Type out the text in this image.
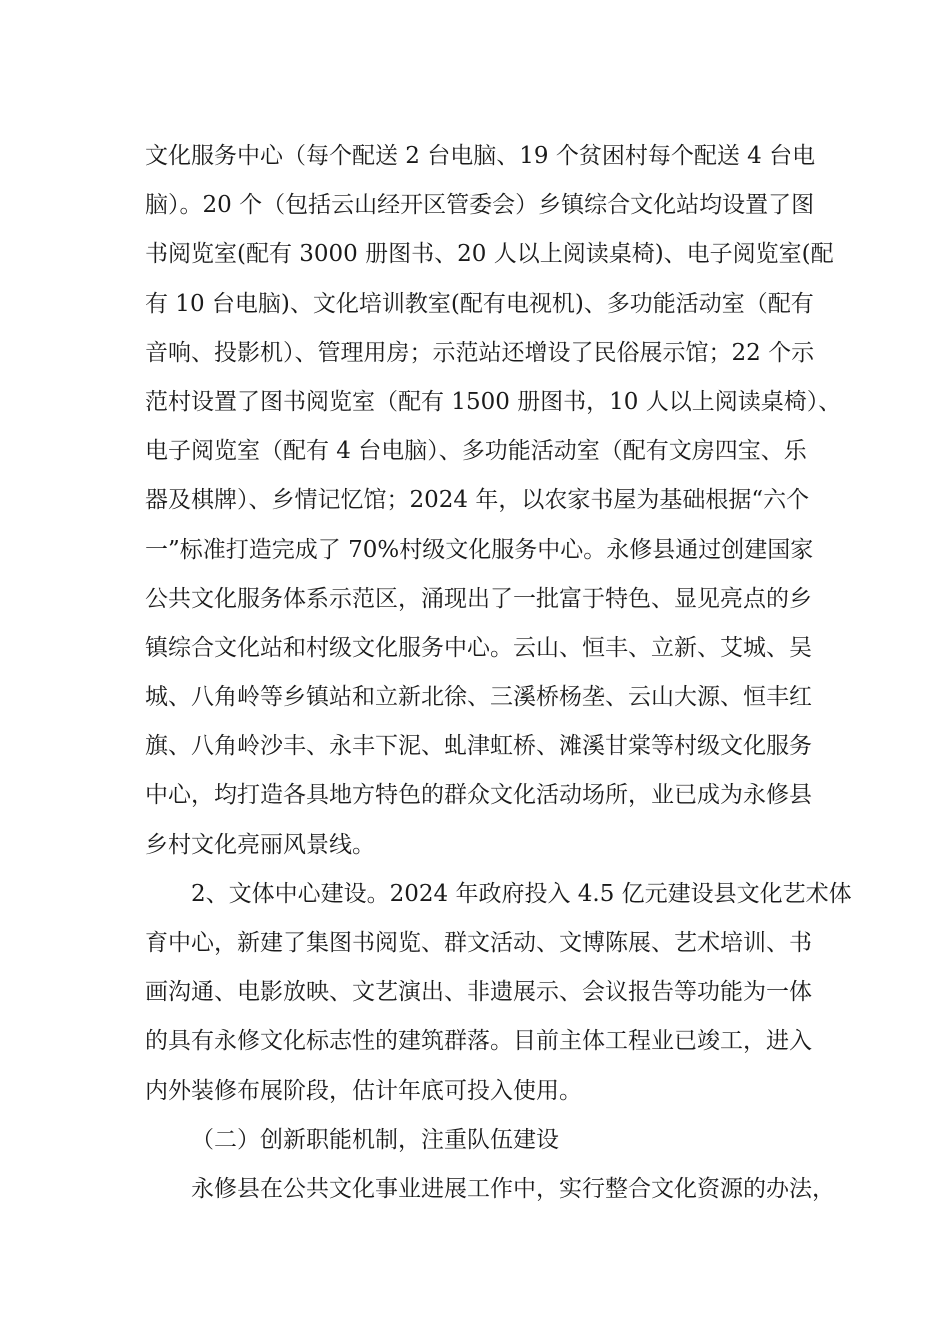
文化服务中心（每个配送 2 台电脑、19 个贫困村每个配送 4 台电
脑）。20 个（包括云山经开区管委会）乡镇综合文化站均设置了图
书阅览室(配有 3000 册图书、20 人以上阅读桌椅)、电子阅览室(配
有 10 台电脑)、文化培训教室(配有电视机)、多功能活动室（配有
音响、投影机）、管理用房；示范站还增设了民俗展示馆；22 个示
范村设置了图书阅览室（配有 1500 册图书，10 人以上阅读桌椅）、
电子阅览室（配有 4 台电脑）、多功能活动室（配有文房四宝、乐
器及棋牌）、乡情记忆馆；2024 年，以农家书屋为基础根据“六个
一”标准打造完成了 70%村级文化服务中心。永修县通过创建国家
公共文化服务体系示范区，涌现出了一批富于特色、显见亮点的乡
镇综合文化站和村级文化服务中心。云山、恒丰、立新、艾城、吴
城、八角岭等乡镇站和立新北徐、三溪桥杨垄、云山大源、恒丰红
旗、八角岭沙丰、永丰下泥、虬津虹桥、滩溪甘棠等村级文化服务
中心，均打造各具地方特色的群众文化活动场所，业已成为永修县
乡村文化亮丽风景线。
2、文体中心建设。2024 年政府投入 4.5 亿元建设县文化艺术体
育中心，新建了集图书阅览、群文活动、文博陈展、艺术培训、书
画沟通、电影放映、文艺演出、非遗展示、会议报告等功能为一体
的具有永修文化标志性的建筑群落。目前主体工程业已竣工，进入
内外装修布展阶段，估计年底可投入使用。
（二）创新职能机制，注重队伍建设
永修县在公共文化事业进展工作中，实行整合文化资源的办法，
